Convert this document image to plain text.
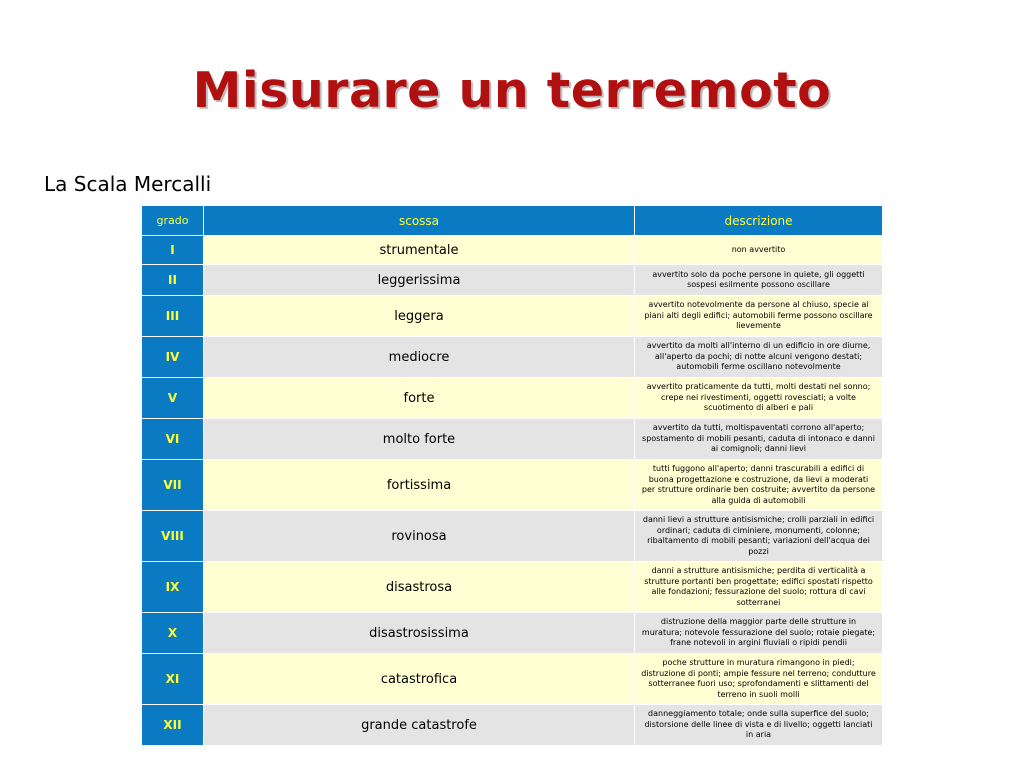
Misurare un terremoto
La Scala Mercalli
grado	scossa	descrizione
I	strumentale	non avvertito
II	leggerissima	avvertito solo da poche persone in quiete, gli oggetti sospesi esilmente possono oscillare
III	leggera	avvertito notevolmente da persone al chiuso, specie ai piani alti degli edifici; automobili ferme possono oscillare lievemente
IV	mediocre	avvertito da molti all'interno di un edificio in ore diurne, all'aperto da pochi; di notte alcuni vengono destati; automobili ferme oscillano notevolmente
V	forte	avvertito praticamente da tutti, molti destati nel sonno; crepe nei rivestimenti, oggetti rovesciati; a volte scuotimento di alberi e pali
VI	molto forte	avvertito da tutti, moltispaventati corrono all'aperto; spostamento di mobili pesanti, caduta di intonaco e danni ai comignoli; danni lievi
VII	fortissima	tutti fuggono all'aperto; danni trascurabili a edifici di buona progettazione e costruzione, da lievi a moderati per strutture ordinarie ben costruite; avvertito da persone alla guida di automobili
VIII	rovinosa	danni lievi a strutture antisismiche; crolli parziali in edifici ordinari; caduta di ciminiere, monumenti, colonne; ribaltamento di mobili pesanti; variazioni dell'acqua dei pozzi
IX	disastrosa	danni a strutture antisismiche; perdita di verticalità a strutture portanti ben progettate; edifici spostati rispetto alle fondazioni; fessurazione del suolo; rottura di cavi sotterranei
X	disastrosissima	distruzione della maggior parte delle strutture in muratura; notevole fessurazione del suolo; rotaie piegate; frane notevoli in argini fluviali o ripidi pendii
XI	catastrofica	poche strutture in muratura rimangono in piedi; distruzione di ponti; ampie fessure nel terreno; condutture sotterranee fuori uso; sprofondamenti e slittamenti del terreno in suoli molli
XII	grande catastrofe	danneggiamento totale; onde sulla superfice del suolo; distorsione delle linee di vista e di livello; oggetti lanciati in aria
